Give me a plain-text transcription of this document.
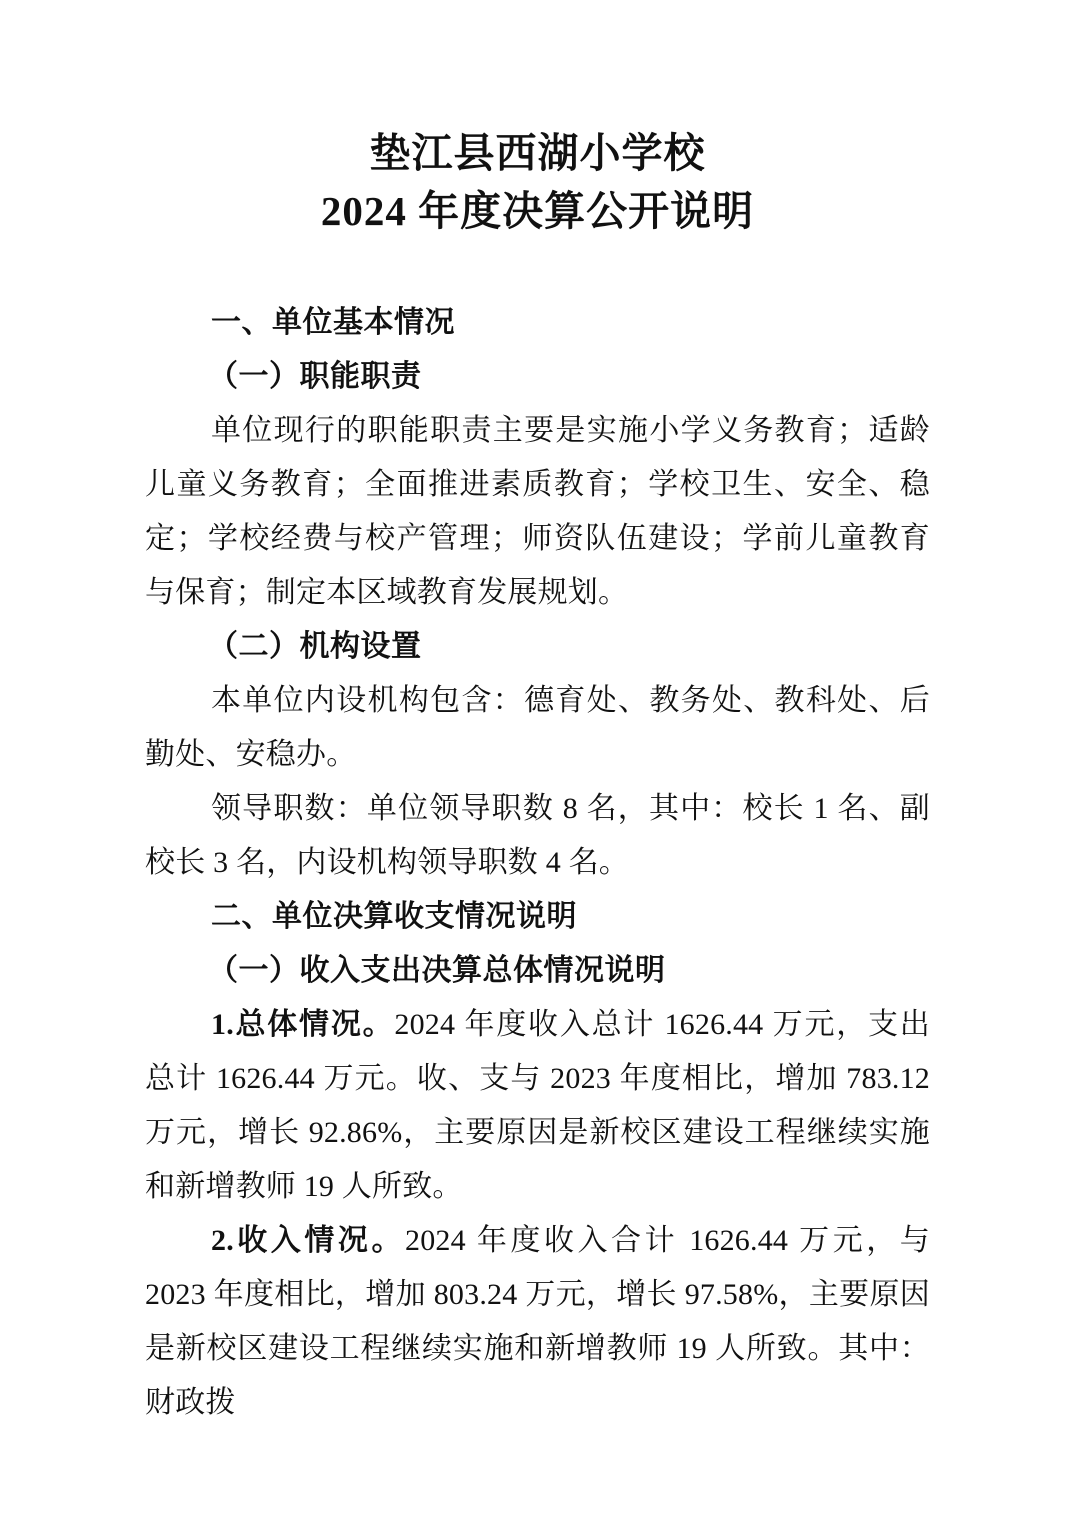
垫江县西湖小学校
2024 年度决算公开说明
一、单位基本情况
（一）职能职责

单位现行的职能职责主要是实施小学义务教育；适龄儿童义务教育；全面推进素质教育；学校卫生、安全、稳定；学校经费与校产管理；师资队伍建设；学前儿童教育与保育；制定本区域教育发展规划。

（二）机构设置

本单位内设机构包含：德育处、教务处、教科处、后勤处、安稳办。

领导职数：单位领导职数 8 名，其中：校长 1 名、副校长 3 名，内设机构领导职数 4 名。

二、单位决算收支情况说明
（一）收入支出决算总体情况说明

1.总体情况。2024 年度收入总计 1626.44 万元，支出总计 1626.44 万元。收、支与 2023 年度相比，增加 783.12 万元，增长 92.86%，主要原因是新校区建设工程继续实施和新增教师 19 人所致。

2.收入情况。2024 年度收入合计 1626.44 万元，与 2023 年度相比，增加 803.24 万元，增长 97.58%，主要原因是新校区建设工程继续实施和新增教师 19 人所致。其中：财政拨
